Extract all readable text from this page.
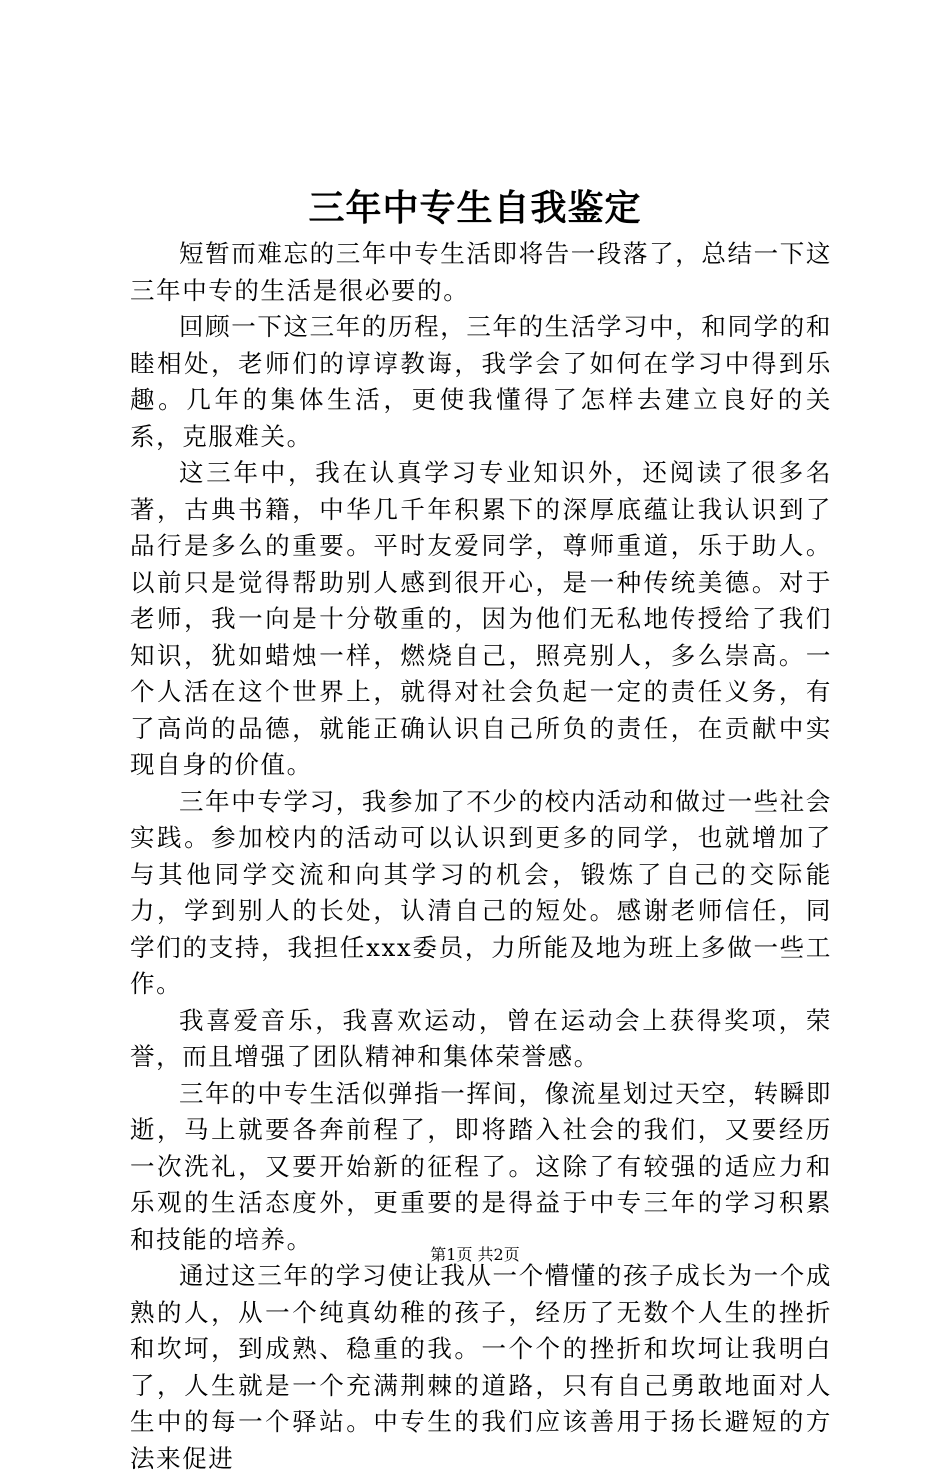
三年中专生自我鉴定

短暂而难忘的三年中专生活即将告一段落了，总结一下这三年中专的生活是很必要的。

回顾一下这三年的历程，三年的生活学习中，和同学的和睦相处，老师们的谆谆教诲，我学会了如何在学习中得到乐趣。几年的集体生活，更使我懂得了怎样去建立良好的关系，克服难关。

这三年中，我在认真学习专业知识外，还阅读了很多名著，古典书籍，中华几千年积累下的深厚底蕴让我认识到了品行是多么的重要。平时友爱同学，尊师重道，乐于助人。以前只是觉得帮助别人感到很开心，是一种传统美德。对于老师，我一向是十分敬重的，因为他们无私地传授给了我们知识，犹如蜡烛一样，燃烧自己，照亮别人，多么崇高。一个人活在这个世界上，就得对社会负起一定的责任义务，有了高尚的品德，就能正确认识自己所负的责任，在贡献中实现自身的价值。

三年中专学习，我参加了不少的校内活动和做过一些社会实践。参加校内的活动可以认识到更多的同学，也就增加了与其他同学交流和向其学习的机会，锻炼了自己的交际能力，学到别人的长处，认清自己的短处。感谢老师信任，同学们的支持，我担任xxx委员，力所能及地为班上多做一些工作。

我喜爱音乐，我喜欢运动，曾在运动会上获得奖项，荣誉，而且增强了团队精神和集体荣誉感。

三年的中专生活似弹指一挥间，像流星划过天空，转瞬即逝，马上就要各奔前程了，即将踏入社会的我们，又要经历一次洗礼，又要开始新的征程了。这除了有较强的适应力和乐观的生活态度外，更重要的是得益于中专三年的学习积累和技能的培养。

通过这三年的学习使让我从一个懵懂的孩子成长为一个成熟的人，从一个纯真幼稚的孩子，经历了无数个人生的挫折和坎坷，到成熟、稳重的我。一个个的挫折和坎坷让我明白了，人生就是一个充满荆棘的道路，只有自己勇敢地面对人生中的每一个驿站。中专生的我们应该善用于扬长避短的方法来促进

第1页 共2页
